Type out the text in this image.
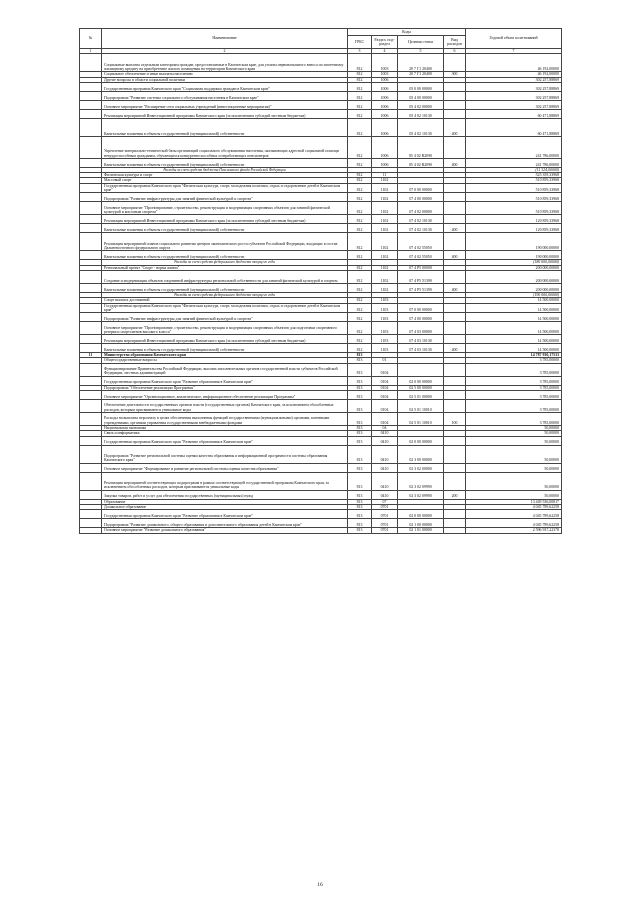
№	Наименование	Коды				Годовой объем ассигнований
		ГРБС	Раздел, под-раздел	Целевая статья	Вид расходов	
1	2	3	4	5	6	7
	Социальные выплаты отдельным категориям граждан, предоставляемые в Камчатском крае, для уплаты первоначального взноса по ипотечному жилищному кредиту на приобретение жилого помещения на территории Камчатского края	812	1003	20 7 Г1 20400		46 192,00000
	Социальное обеспечение и иные выплаты населению	812	1003	20 7 Г1 20400	300	46 192,00000
	Другие вопросы в области социальной политики	812	1006			302 257,88869
	Государственная программа Камчатского края "Социальная поддержка граждан в Камчатском крае"	812	1006	05 0 00 00000		302 257,88869
	Подпрограмма "Развитие системы социального обслуживания населения в Камчатском крае"	812	1006	05 4 00 00000		302 257,88869
	Основное мероприятие "Расширение сети социальных учреждений (инвестиционные мероприятия)"	812	1006	05 4 02 00000		302 257,88869
	Реализация мероприятий Инвестиционной программы Камчатского края (за исключением субсидий местным бюджетам)	812	1006	05 4 02 10130		60 471,88869
	Капитальные вложения в объекты государственной (муниципальной) собственности	812	1006	05 4 02 10130	400	60 471,88869
	Укрепление материально-технической базы организаций социального обслуживания населения, оказывающих адресной социальной помощи нетрудоспособным гражданам, обучающихся конкурентоспособных и неработающих пенсионеров	812	1006	05 4 02 R2090		241 786,00000
	Капитальные вложения в объекты государственной (муниципальной) собственности	812	1006	05 4 02 R2090	400	241 786,00000
	Расходы за счет средств бюджета Пенсионного фонда Российской Федерации					(11 324,00000)
	Физическая культура и спорт	812	11			525 359,33968
	Массовый спорт	812	1102			510 859,33968
	Государственная программа Камчатского края "Физическая культура, спорт, молодежная политика, отдых и оздоровление детей в Камчатском крае"	812	1102	07 0 00 00000		510 859,33968
	Подпрограмма "Развитие инфраструктуры для занятий физической культурой и спортом"	812	1102	07 4 00 00000		510 859,33968
	Основное мероприятие "Проектирование, строительство, реконструкция и модернизация спортивных объектов для занятий физической культурой и массовым спортом"	812	1102	07 4 02 00000		510 859,33968
	Реализация мероприятий Инвестиционной программы Камчатского края (за исключением субсидий местным бюджетам)	812	1102	07 4 02 10130		120 859,33968
	Капитальные вложения в объекты государственной (муниципальной) собственности	812	1102	07 4 02 10130	400	120 859,33968
	Реализация мероприятий планов социального развития центров экономического роста субъектов Российской Федерации, входящих в состав Дальневосточного федерального округа	812	1102	07 4 02 55050		190 000,00000
	Капитальные вложения в объекты государственной (муниципальной) собственности	812	1102	07 4 02 55050	400	190 000,00000
	Расходы за счет средств федерального бюджета текущего года					(180 000,00000)
	Региональный проект "Спорт - норма жизни"	812	1102	07 4 P5 00000		200 000,00000
	Создание и модернизация объектов спортивной инфраструктуры региональной собственности для занятий физической культурой и спортом	812	1102	07 4 P5 51390		200 000,00000
	Капитальные вложения в объекты государственной (муниципальной) собственности	812	1102	07 4 P5 51390	400	200 000,00000
	Расходы за счет средств федерального бюджета текущего года					(190 000,00000)
	Спорт высших достижений	812	1103			14 500,00000
	Государственная программа Камчатского края "Физическая культура, спорт, молодежная политика, отдых и оздоровление детей в Камчатском крае"	812	1103	07 0 00 00000		14 500,00000
	Подпрограмма "Развитие инфраструктуры для занятий физической культурой и спортом"	812	1103	07 4 00 00000		14 500,00000
	Основное мероприятие "Проектирование, строительство, реконструкция и модернизация спортивных объектов для подготовки спортивного резерва и спортсменов высокого класса"	812	1103	07 4 03 00000		14 500,00000
	Реализация мероприятий Инвестиционной программы Камчатского края (за исключением субсидий местным бюджетам)	812	1103	07 4 03 10130		14 500,00000
	Капитальные вложения в объекты государственной (муниципальной) собственности	812	1103	07 4 03 10130	400	14 500,00000
11	Министерство образования Камчатского края	813				14 787 930,17533
	Общегосударственные вопросы	813	01			3 785,00000
	Функционирование Правительства Российской Федерации, высших исполнительных органов государственной власти субъектов Российской Федерации, местных администраций	813	0104			3 785,00000
	Государственная программа Камчатского края "Развитие образования в Камчатском крае"	813	0104	02 0 00 00000		3 785,00000
	Подпрограмма "Обеспечение реализации Программы"	813	0104	02 5 00 00000		3 785,00000
	Основное мероприятие "Организационное, аналитическое, информационное обеспечение реализации Программы"	813	0104	02 5 01 00000		3 785,00000
	Обеспечение деятельности государственных органов власти (государственных органов) Камчатского края, за исключением обособленных расходов, которым присваиваются уникальные коды	813	0104	02 5 01 10010		3 785,00000
	Расходы на выплаты персоналу в целях обеспечения выполнения функций государственными (муниципальными) органами, казенными учреждениями, органами управления государственными внебюджетными фондами	813	0104	02 5 01 10010	100	3 785,00000
	Национальная экономика	813	04			50,00000
	Связь и информатика	813	0410			50,00000
	Государственная программа Камчатского края "Развитие образования в Камчатском крае"	813	0410	02 0 00 00000		50,00000
	Подпрограмма "Развитие региональной системы оценки качества образования и информационной прозрачности системы образования Камчатского края"	813	0410	02 3 00 00000		50,00000
	Основное мероприятие "Формирование и развитие региональной системы оценки качества образования"	813	0410	02 3 02 00000		50,00000
	Реализация мероприятий соответствующих подпрограмм в рамках соответствующей государственной программы Камчатского края, за исключением обособленных расходов, которым присваиваются уникальные коды	813	0410	02 3 02 09990		50,00000
	Закупка товаров, работ и услуг для обеспечения государственных (муниципальных) нужд	813	0410	02 3 02 09990	200	50,00000
	Образование	813	07			13 449 536,00817
	Дошкольное образование	813	0701			4 045 789,62258
	Государственная программа Камчатского края "Развитие образования в Камчатском крае"	813	0701	02 0 00 00000		4 045 789,62258
	Подпрограмма "Развитие дошкольного, общего образования и дополнительного образования детей в Камчатском крае"	813	0701	02 1 00 00000		4 045 789,62258
	Основное мероприятие "Развитие дошкольного образования"	813	0701	02 1 01 00000		2 596 937,22378
16
